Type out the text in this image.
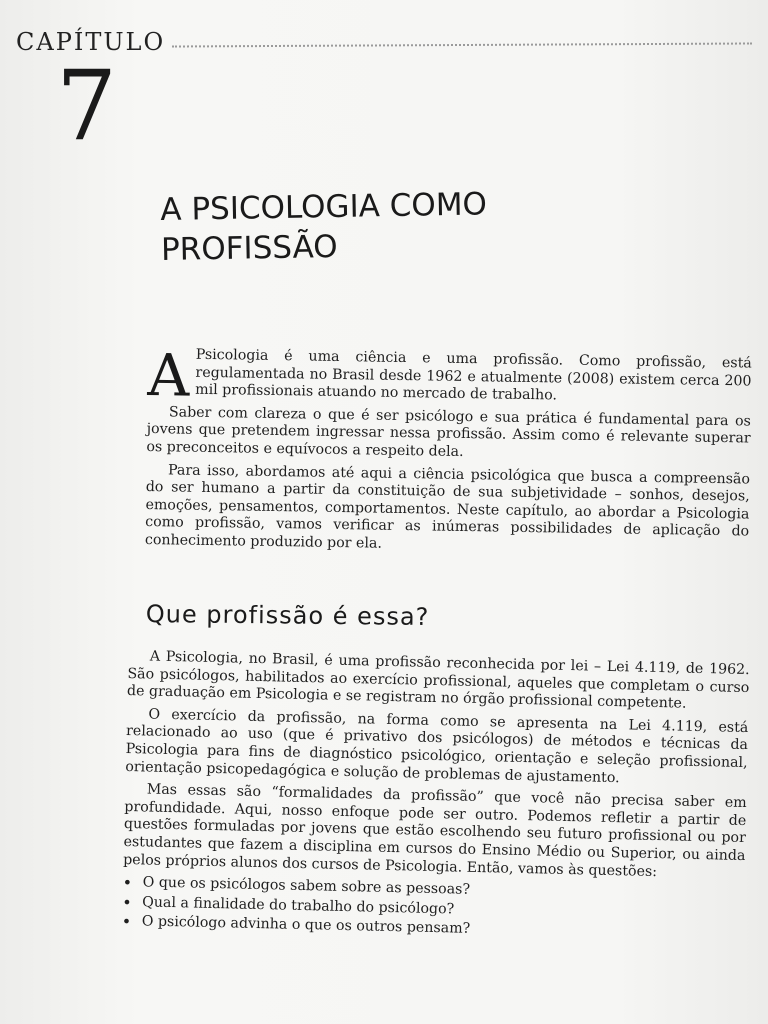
CAPÍTULO
7
A PSICOLOGIA COMO
PROFISSÃO

A Psicologia é uma ciência e uma profissão. Como profissão, está regulamentada no Brasil desde 1962 e atualmente (2008) existem cerca 200 mil profissionais atuando no mercado de trabalho.

Saber com clareza o que é ser psicólogo e sua prática é fundamental para os jovens que pretendem ingressar nessa profissão. Assim como é relevante superar os preconceitos e equívocos a respeito dela.

Para isso, abordamos até aqui a ciência psicológica que busca a compreensão do ser humano a partir da constituição de sua subjetividade – sonhos, desejos, emoções, pensamentos, comportamentos. Neste capítulo, ao abordar a Psicologia como profissão, vamos verificar as inúmeras possibilidades de aplicação do conhecimento produzido por ela.

Que profissão é essa?

A Psicologia, no Brasil, é uma profissão reconhecida por lei – Lei 4.119, de 1962. São psicólogos, habilitados ao exercício profissional, aqueles que completam o curso de graduação em Psicologia e se registram no órgão profissional competente.

O exercício da profissão, na forma como se apresenta na Lei 4.119, está relacionado ao uso (que é privativo dos psicólogos) de métodos e técnicas da Psicologia para fins de diagnóstico psicológico, orientação e seleção profissional, orientação psicopedagógica e solução de problemas de ajustamento.

Mas essas são “formalidades da profissão” que você não precisa saber em profundidade. Aqui, nosso enfoque pode ser outro. Podemos refletir a partir de questões formuladas por jovens que estão escolhendo seu futuro profissional ou por estudantes que fazem a disciplina em cursos do Ensino Médio ou Superior, ou ainda pelos próprios alunos dos cursos de Psicologia. Então, vamos às questões:

• O que os psicólogos sabem sobre as pessoas?
• Qual a finalidade do trabalho do psicólogo?
• O psicólogo advinha o que os outros pensam?
